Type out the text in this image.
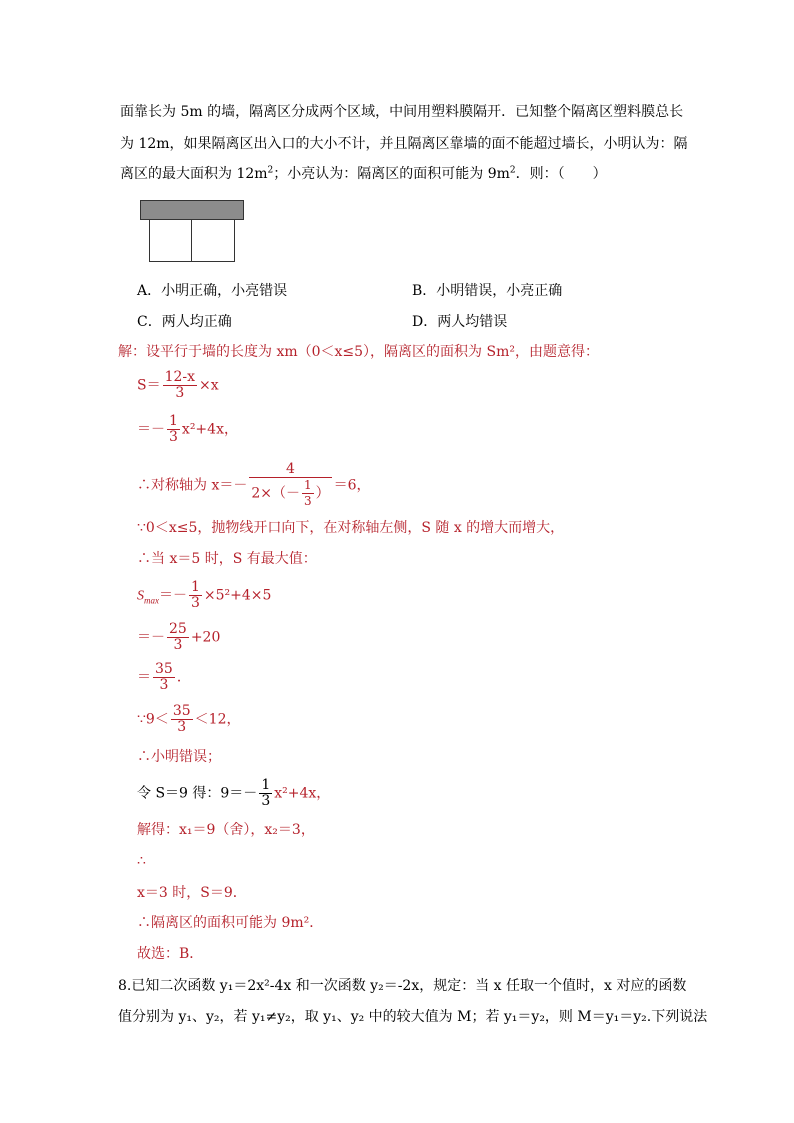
面靠长为 5m 的墙，隔离区分成两个区域，中间用塑料膜隔开．已知整个隔离区塑料膜总长
为 12m，如果隔离区出入口的大小不计，并且隔离区靠墙的面不能超过墙长，小明认为：隔
离区的最大面积为 $12m^2$；小亮认为：隔离区的面积可能为 $9m^2$．则：（　　）
A．小明正确，小亮错误	B．小明错误，小亮正确
C．两人均正确	D．两人均错误
解：设平行于墙的长度为 xm（0＜x≤5），隔离区的面积为 Sm²，由题意得：
$S= \frac{12-x}{3} \times x$
＝－ $\frac{1}{3} x^2+4x$，
∴对称轴为 $x=- \frac{4}{2\times(- \frac{1}{3} )} =6$，
∵0＜x≤5，抛物线开口向下，在对称轴左侧，S 随 x 的增大而增大，
∴当 x＝5 时，S 有最大值：
$S_{max}=- \frac{1}{3} \times 5^2+4\times 5$
＝－ $\frac{25}{3} +20$
＝ $\frac{35}{3}$ ．
∵9＜ $\frac{35}{3} <12$，
∴小明错误；
令 S＝9 得：$9=- \frac{1}{3} x^2+4x$，
解得：x₁＝9（舍），x₂＝3，
∴
x＝3 时，S＝9．
∴隔离区的面积可能为 9m²．
故选：B．
8.已知二次函数 y₁＝2x²-4x 和一次函数 y₂＝-2x，规定：当 x 任取一个值时，x 对应的函数
值分别为 y₁、y₂，若 y₁≠y₂，取 y₁、y₂ 中的较大值为 M；若 y₁＝y₂，则 M＝y₁＝y₂.下列说法
